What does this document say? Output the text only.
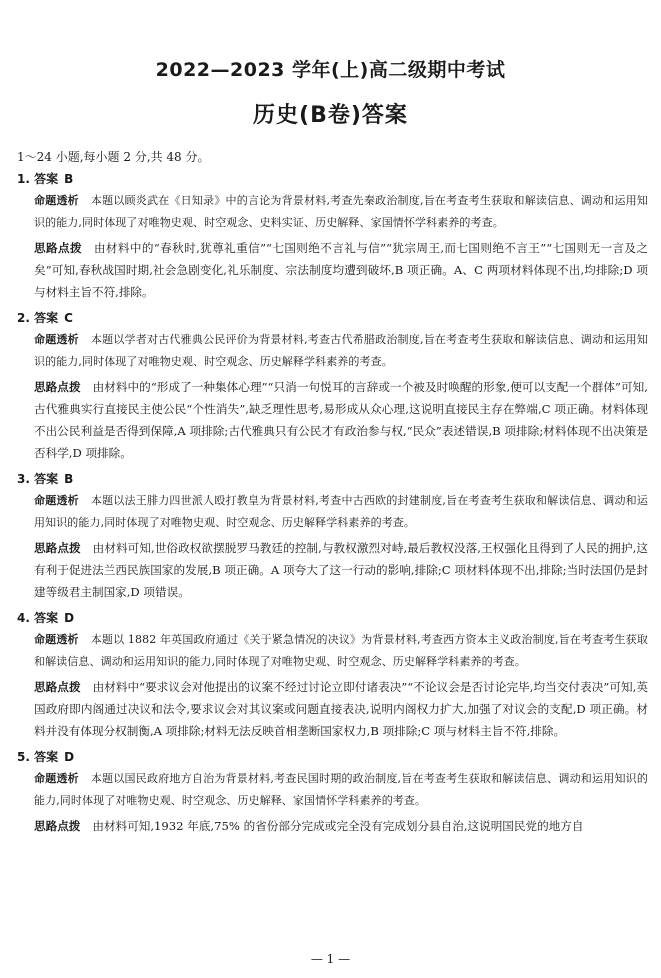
2022—2023 学年(上)高二级期中考试
历史(B卷)答案
1～24 小题,每小题 2 分,共 48 分。
1. 答案 B
命题透析 本题以顾炎武在《日知录》中的言论为背景材料,考查先秦政治制度,旨在考查考生获取和解读信息、调动和运用知识的能力,同时体现了对唯物史观、时空观念、史料实证、历史解释、家国情怀学科素养的考查。
思路点拨 由材料中的“春秋时,犹尊礼重信”“七国则绝不言礼与信”“犹宗周王,而七国则绝不言王”“七国则无一言及之矣”可知,春秋战国时期,社会急剧变化,礼乐制度、宗法制度均遭到破坏,B 项正确。A、C 两项材料体现不出,均排除;D 项与材料主旨不符,排除。
2. 答案 C
命题透析 本题以学者对古代雅典公民评价为背景材料,考查古代希腊政治制度,旨在考查考生获取和解读信息、调动和运用知识的能力,同时体现了对唯物史观、时空观念、历史解释学科素养的考查。
思路点拨 由材料中的“形成了一种集体心理”“只消一句悦耳的言辞或一个被及时唤醒的形象,便可以支配一个群体”可知,古代雅典实行直接民主使公民“个性消失”,缺乏理性思考,易形成从众心理,这说明直接民主存在弊端,C 项正确。材料体现不出公民利益是否得到保障,A 项排除;古代雅典只有公民才有政治参与权,“民众”表述错误,B 项排除;材料体现不出决策是否科学,D 项排除。
3. 答案 B
命题透析 本题以法王腓力四世派人殴打教皇为背景材料,考查中古西欧的封建制度,旨在考查考生获取和解读信息、调动和运用知识的能力,同时体现了对唯物史观、时空观念、历史解释学科素养的考查。
思路点拨 由材料可知,世俗政权欲摆脱罗马教廷的控制,与教权激烈对峙,最后教权没落,王权强化且得到了人民的拥护,这有利于促进法兰西民族国家的发展,B 项正确。A 项夸大了这一行动的影响,排除;C 项材料体现不出,排除;当时法国仍是封建等级君主制国家,D 项错误。
4. 答案 D
命题透析 本题以 1882 年英国政府通过《关于紧急情况的决议》为背景材料,考查西方资本主义政治制度,旨在考查考生获取和解读信息、调动和运用知识的能力,同时体现了对唯物史观、时空观念、历史解释学科素养的考查。
思路点拨 由材料中“要求议会对他提出的议案不经过讨论立即付诸表决”“不论议会是否讨论完毕,均当交付表决”可知,英国政府即内阁通过决议和法令,要求议会对其议案或问题直接表决,说明内阁权力扩大,加强了对议会的支配,D 项正确。材料并没有体现分权制衡,A 项排除;材料无法反映首相垄断国家权力,B 项排除;C 项与材料主旨不符,排除。
5. 答案 D
命题透析 本题以国民政府地方自治为背景材料,考查民国时期的政治制度,旨在考查考生获取和解读信息、调动和运用知识的能力,同时体现了对唯物史观、时空观念、历史解释、家国情怀学科素养的考查。
思路点拨 由材料可知,1932 年底,75% 的省份部分完成或完全没有完成划分县自治,这说明国民党的地方自
— 1 —
